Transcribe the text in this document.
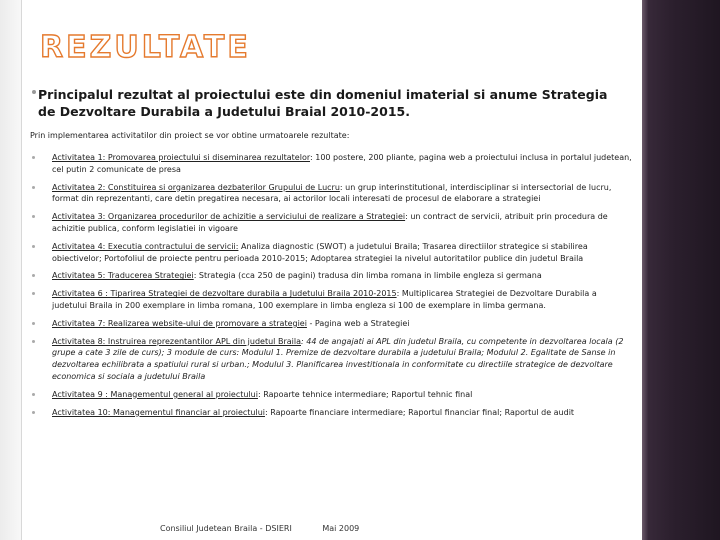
REZULTATE
Principalul rezultat al proiectului este din domeniul imaterial si anume Strategia de Dezvoltare Durabila a Judetului Braial 2010-2015.
Prin implementarea activitatilor din proiect se vor obtine urmatoarele rezultate:
Activitatea 1: Promovarea proiectului si diseminarea rezultatelor: 100 postere, 200 pliante, pagina web a proiectului inclusa in portalul judetean, cel putin 2 comunicate de presa
Activitatea 2: Constituirea si organizarea dezbaterilor Grupului de Lucru: un grup interinstitutional, interdisciplinar si intersectorial de lucru, format din reprezentanti, care detin pregatirea necesara, ai actorilor locali interesati de procesul de elaborare a strategiei
Activitatea 3: Organizarea procedurilor de achizitie a serviciului de realizare a Strategiei: un contract de servicii, atribuit prin procedura de achizitie publica, conform legislatiei in vigoare
Activitatea 4: Executia contractului de servicii: Analiza diagnostic (SWOT) a judetului Braila; Trasarea directiilor strategice si stabilirea obiectivelor; Portofoliul de proiecte pentru perioada 2010-2015; Adoptarea strategiei la nivelul autoritatilor publice din judetul Braila
Activitatea 5: Traducerea Strategiei: Strategia (cca 250 de pagini) tradusa din limba romana in limbile engleza si germana
Activitatea 6 : Tiparirea Strategiei de dezvoltare durabila a Judetului Braila 2010-2015: Multiplicarea Strategiei de Dezvoltare Durabila a judetului Braila in 200 exemplare in limba romana, 100 exemplare in limba engleza si 100 de exemplare in limba germana.
Activitatea 7: Realizarea website-ului de promovare a strategiei - Pagina web a Strategiei
Activitatea 8: Instruirea reprezentantilor APL din judetul Braila: 44 de angajati ai APL din judetul Braila, cu competente in dezvoltarea locala (2 grupe a cate 3 zile de curs); 3 module de curs: Modulul 1. Premize de dezvoltare durabila a judetului Braila; Modulul 2. Egalitate de Sanse in dezvoltarea echilibrata a spatiului rural si urban.; Modulul 3. Planificarea investitionala in conformitate cu directiile strategice de dezvoltare economica si sociala a judetului Braila
Activitatea 9 : Managementul general al proiectului: Rapoarte tehnice intermediare; Raportul tehnic final
Activitatea 10: Managementul financiar al proiectului: Rapoarte financiare intermediare; Raportul financiar final; Raportul de audit
Consiliul Judetean Braila - DSIERI	Mai 2009
